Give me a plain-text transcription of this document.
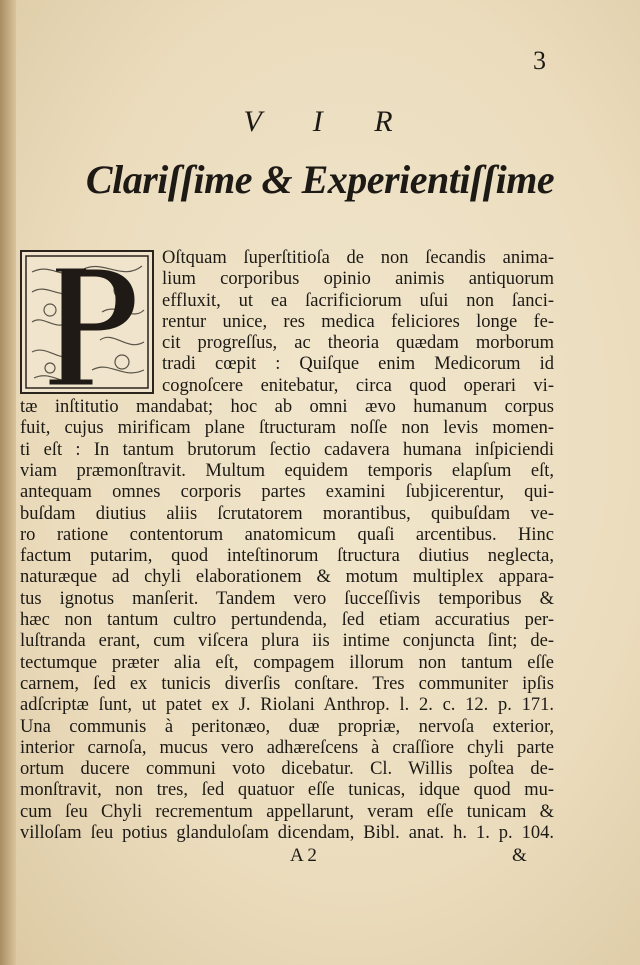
3
V I R
Clariſſime & Experientiſſime
Oſtquam ſuperſtitioſa de non ſecandis anima-
lium corporibus opinio animis antiquorum
effluxit, ut ea ſacrificiorum uſui non ſanci-
rentur unice, res medica feliciores longe fe-
cit progreſſus, ac theoria quædam morborum
tradi cœpit : Quiſque enim Medicorum id
cognoſcere enitebatur, circa quod operari vi-
tæ inſtitutio mandabat; hoc ab omni ævo humanum corpus
fuit, cujus mirificam plane ſtructuram noſſe non levis momen-
ti eſt : In tantum brutorum ſectio cadavera humana inſpiciendi
viam præmonſtravit. Multum equidem temporis elapſum eſt,
antequam omnes corporis partes examini ſubjicerentur, qui-
buſdam diutius aliis ſcrutatorem morantibus, quibuſdam ve-
ro ratione contentorum anatomicum quaſi arcentibus. Hinc
factum putarim, quod inteſtinorum ſtructura diutius neglecta,
naturæque ad chyli elaborationem & motum multiplex appara-
tus ignotus manſerit. Tandem vero ſucceſſivis temporibus &
hæc non tantum cultro pertundenda, ſed etiam accuratius per-
luſtranda erant, cum viſcera plura iis intime conjuncta ſint; de-
tectumque præter alia eſt, compagem illorum non tantum eſſe
carnem, ſed ex tunicis diverſis conſtare. Tres communiter ipſis
adſcriptæ ſunt, ut patet ex J. Riolani Anthrop. l. 2. c. 12. p. 171.
Una communis à peritonæo, duæ propriæ, nervoſa exterior,
interior carnoſa, mucus vero adhæreſcens à craſſiore chyli parte
ortum ducere communi voto dicebatur. Cl. Willis poſtea de-
monſtravit, non tres, ſed quatuor eſſe tunicas, idque quod mu-
cum ſeu Chyli recrementum appellarunt, veram eſſe tunicam &
villoſam ſeu potius glanduloſam dicendam, Bibl. anat. h. 1. p. 104.
A 2	&
